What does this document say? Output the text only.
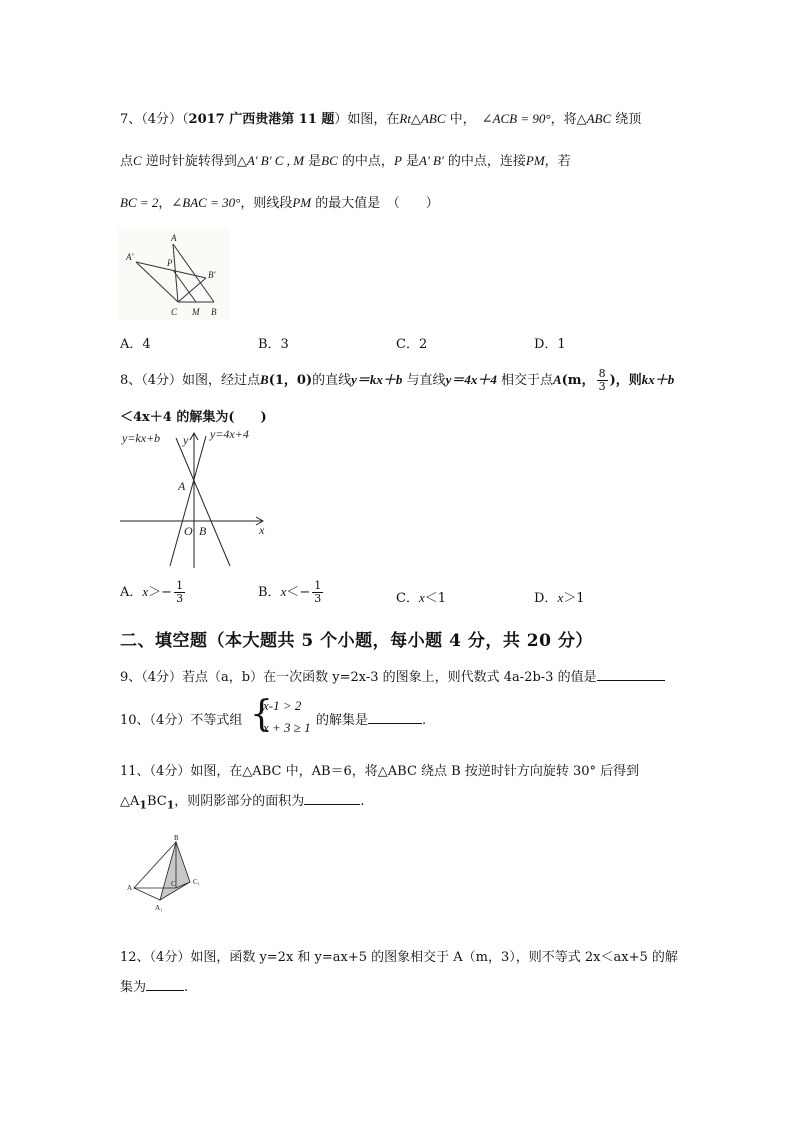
7、（4分）（2017 广西贵港第 11 题）如图，在Rt△ABC 中， ∠ACB = 90°，将△ABC 绕顶
点C 逆时针旋转得到△A' B' C , M 是BC 的中点，P 是A' B' 的中点，连接PM，若
BC = 2，∠BAC = 30°，则线段PM 的最大值是　（　　）
A'
A
P
B'
C M B
A．4	B．3	C．2	D．1
8、（4分）如图，经过点B(1，0)的直线y＝kx＋b 与直线y＝4x＋4 相交于点A(m， $\frac{8}{3}$ )，则kx＋b
＜4x＋4 的解集为(　　)
y=kx+b y y=4x+4
A
O B	x
A．$x>- \frac{1}{3}$	B．$x<- \frac{1}{3}$	C．x＜1	D．x＞1
二、填空题（本大题共 5 个小题，每小题 4 分，共 20 分）
9、（4分）若点（a，b）在一次函数 y=2x-3 的图象上，则代数式 4a-2b-3 的值是
10、（4分）不等式组 {
x-1 > 2
x + 3 ≥ 1 的解集是	.
11、（4分）如图，在△ABC 中，AB＝6，将△ABC 绕点 B 按逆时针方向旋转 30° 后得到
$\triangle A_1BC_1$，则阴影部分的面积为	.
B
A	C C₁
A₁
12、（4分）如图，函数 y=2x 和 y=ax+5 的图象相交于 A（m，3），则不等式 2x＜ax+5 的解
集为	.
